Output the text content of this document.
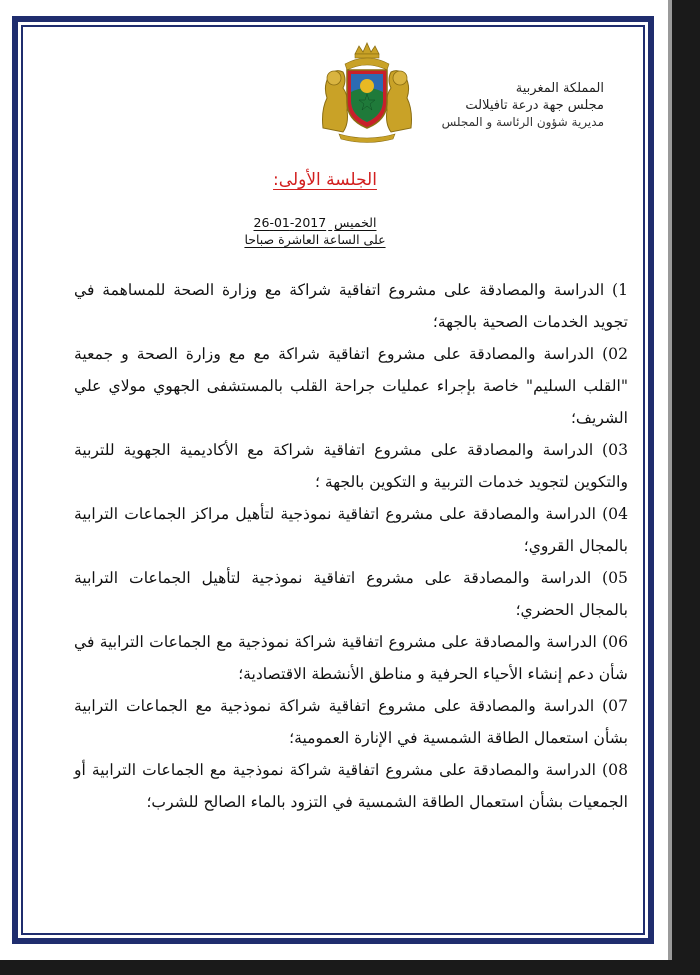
المملكة المغربية
مجلس جهة درعة تافيلالت
مديرية شؤون الرئاسة و المجلس
الجلسة الأولى:
الخميس 2017-01-26
على الساعة العاشرة صباحا
1) الدراسة والمصادقة على مشروع اتفاقية شراكة مع وزارة الصحة للمساهمة في تجويد الخدمات الصحية بالجهة؛
02) الدراسة والمصادقة على مشروع اتفاقية شراكة مع مع وزارة الصحة و جمعية "القلب السليم" خاصة بإجراء عمليات جراحة القلب بالمستشفى الجهوي مولاي علي الشريف؛
03) الدراسة والمصادقة على مشروع اتفاقية شراكة مع الأكاديمية الجهوية للتربية والتكوين لتجويد خدمات التربية و التكوين بالجهة ؛
04) الدراسة والمصادقة على مشروع اتفاقية نموذجية لتأهيل مراكز الجماعات الترابية بالمجال القروي؛
05) الدراسة والمصادقة على مشروع اتفاقية نموذجية لتأهيل الجماعات الترابية بالمجال الحضري؛
06) الدراسة والمصادقة على مشروع اتفاقية شراكة نموذجية مع الجماعات الترابية في شأن دعم إنشاء الأحياء الحرفية و مناطق الأنشطة الاقتصادية؛
07) الدراسة والمصادقة على مشروع اتفاقية شراكة نموذجية مع الجماعات الترابية بشأن استعمال الطاقة الشمسية في الإنارة العمومية؛
08) الدراسة والمصادقة على مشروع اتفاقية شراكة نموذجية مع الجماعات الترابية أو الجمعيات بشأن استعمال الطاقة الشمسية في التزود بالماء الصالح للشرب؛
